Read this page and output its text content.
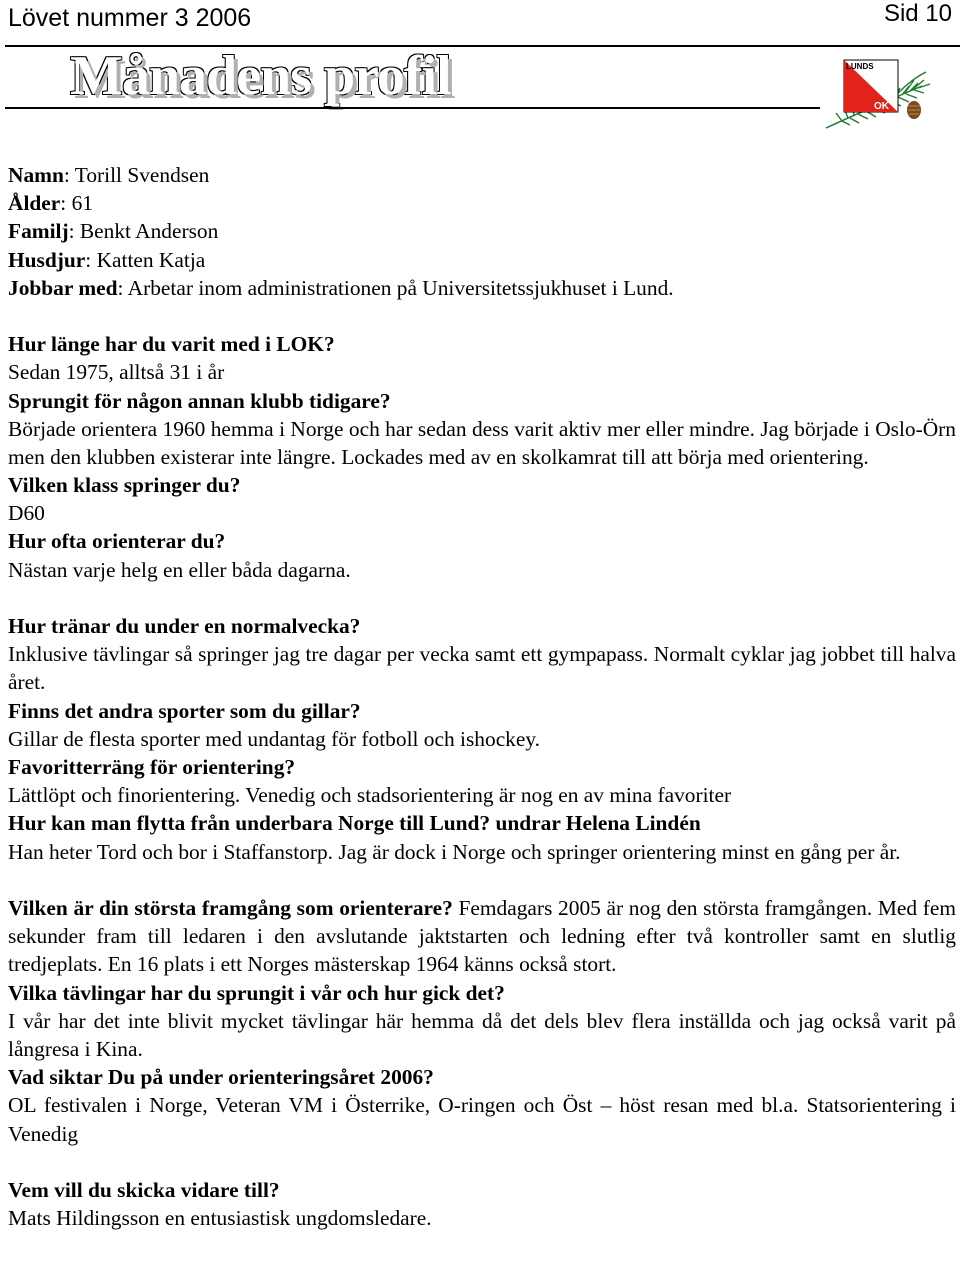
Lövet nummer 3 2006	Sid 10
Månadens profil	LUNDS
OK
Namn: Torill Svendsen
Ålder: 61
Familj: Benkt Anderson
Husdjur: Katten Katja
Jobbar med: Arbetar inom administrationen på Universitetssjukhuset i Lund.
Hur länge har du varit med i LOK?
Sedan 1975, alltså 31 i år
Sprungit för någon annan klubb tidigare?
Började orientera 1960 hemma i Norge och har sedan dess varit aktiv mer eller mindre. Jag började i Oslo-Örn men den klubben existerar inte längre. Lockades med av en skolkamrat till att börja med orientering.
Vilken klass springer du?
D60
Hur ofta orienterar du?
Nästan varje helg en eller båda dagarna.
Hur tränar du under en normalvecka?
Inklusive tävlingar så springer jag tre dagar per vecka samt ett gympapass. Normalt cyklar jag jobbet till halva året.
Finns det andra sporter som du gillar?
Gillar de flesta sporter med undantag för fotboll och ishockey.
Favoritterräng för orientering?
Lättlöpt och finorientering. Venedig och stadsorientering är nog en av mina favoriter
Hur kan man flytta från underbara Norge till Lund? undrar Helena Lindén
Han heter Tord och bor i Staffanstorp. Jag är dock i Norge och springer orientering minst en gång per år.
Vilken är din största framgång som orienterare? Femdagars 2005 är nog den största framgången. Med fem sekunder fram till ledaren i den avslutande jaktstarten och ledning efter två kontroller samt en slutlig tredjeplats. En 16 plats i ett Norges mästerskap 1964 känns också stort.
Vilka tävlingar har du sprungit i vår och hur gick det?
I vår har det inte blivit mycket tävlingar här hemma då det dels blev flera inställda och jag också varit på långresa i Kina.
Vad siktar Du på under orienteringsåret 2006?
OL festivalen i Norge, Veteran VM i Österrike, O-ringen och Öst – höst resan med bl.a. Statsorientering i Venedig
Vem vill du skicka vidare till?
Mats Hildingsson en entusiastisk ungdomsledare.
